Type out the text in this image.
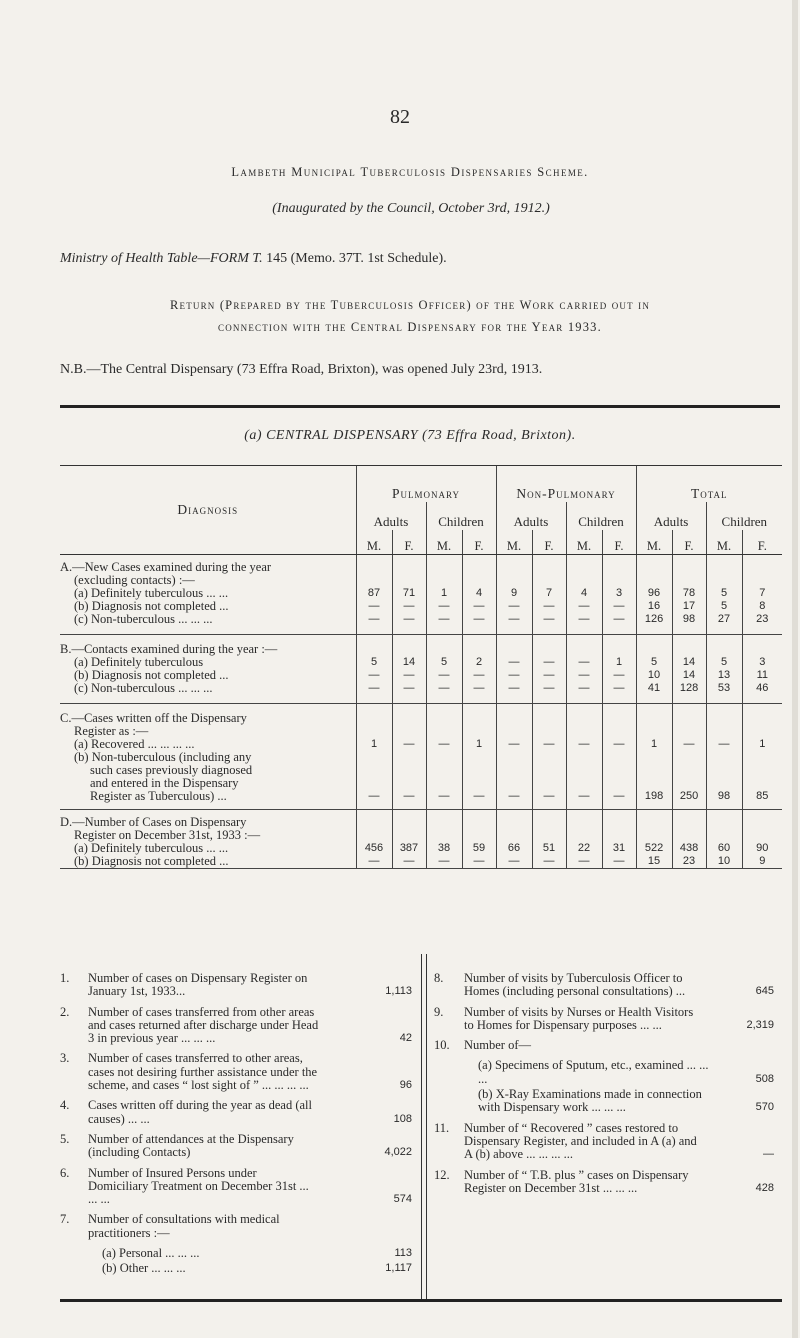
82
Lambeth Municipal Tuberculosis Dispensaries Scheme.
(Inaugurated by the Council, October 3rd, 1912.)
Ministry of Health Table—FORM T. 145 (Memo. 37T. 1st Schedule).
Return (Prepared by the Tuberculosis Officer) of the Work carried out in
connection with the Central Dispensary for the Year 1933.
N.B.—The Central Dispensary (73 Effra Road, Brixton), was opened July 23rd, 1913.
(a) CENTRAL DISPENSARY (73 Effra Road, Brixton).
Diagnosis	Pulmonary				Non-Pulmonary				Total			
	Adults		Children		Adults		Children		Adults		Children	
	M.	F.	M.	F.	M.	F.	M.	F.	M.	F.	M.	F.

A.—New Cases examined during the year												
(excluding contacts) :—												
(a) Definitely tuberculous ... ...	87	71	1	4	9	7	4	3	96	78	5	7
(b) Diagnosis not completed ...	—	—	—	—	—	—	—	—	16	17	5	8
(c) Non-tuberculous ... ... ...	—	—	—	—	—	—	—	—	126	98	27	23

B.—Contacts examined during the year :—												
(a) Definitely tuberculous	5	14	5	2	—	—	—	1	5	14	5	3
(b) Diagnosis not completed ...	—	—	—	—	—	—	—	—	10	14	13	11
(c) Non-tuberculous ... ... ...	—	—	—	—	—	—	—	—	41	128	53	46

C.—Cases written off the Dispensary												
Register as :—												
(a) Recovered ... ... ... ...	1	—	—	1	—	—	—	—	1	—	—	1
(b) Non-tuberculous (including any												
such cases previously diagnosed												
and entered in the Dispensary												
Register as Tuberculous) ...	—	—	—	—	—	—	—	—	198	250	98	85

D.—Number of Cases on Dispensary												
Register on December 31st, 1933 :—												
(a) Definitely tuberculous ... ...	456	387	38	59	66	51	22	31	522	438	60	90
(b) Diagnosis not completed ...	—	—	—	—	—	—	—	—	15	23	10	9
1.	Number of cases on Dispensary Register on January 1st, 1933...	1,113
2.	Number of cases transferred from other areas and cases returned after discharge under Head 3 in previous year ... ... ...	42
3.	Number of cases transferred to other areas, cases not desiring further assistance under the scheme, and cases “ lost sight of ” ... ... ... ...	96
4.	Cases written off during the year as dead (all causes) ... ...	108
5.	Number of attendances at the Dispensary (including Contacts)	4,022
6.	Number of Insured Persons under Domiciliary Treatment on December 31st ... ... ...	574
7.	Number of consultations with medical practitioners :—
(a) Personal ... ... ...	113
(b) Other ... ... ...	1,117
8.	Number of visits by Tuberculosis Officer to Homes (including personal consultations) ...	645
9.	Number of visits by Nurses or Health Visitors to Homes for Dispensary purposes ... ...	2,319
10.	Number of—
(a) Specimens of Sputum, etc., examined ... ... ...	508
(b) X-Ray Examinations made in connection with Dispensary work ... ... ...	570
11.	Number of “ Recovered ” cases restored to Dispensary Register, and included in A (a) and A (b) above ... ... ... ...	—
12.	Number of “ T.B. plus ” cases on Dispensary Register on December 31st ... ... ...	428
